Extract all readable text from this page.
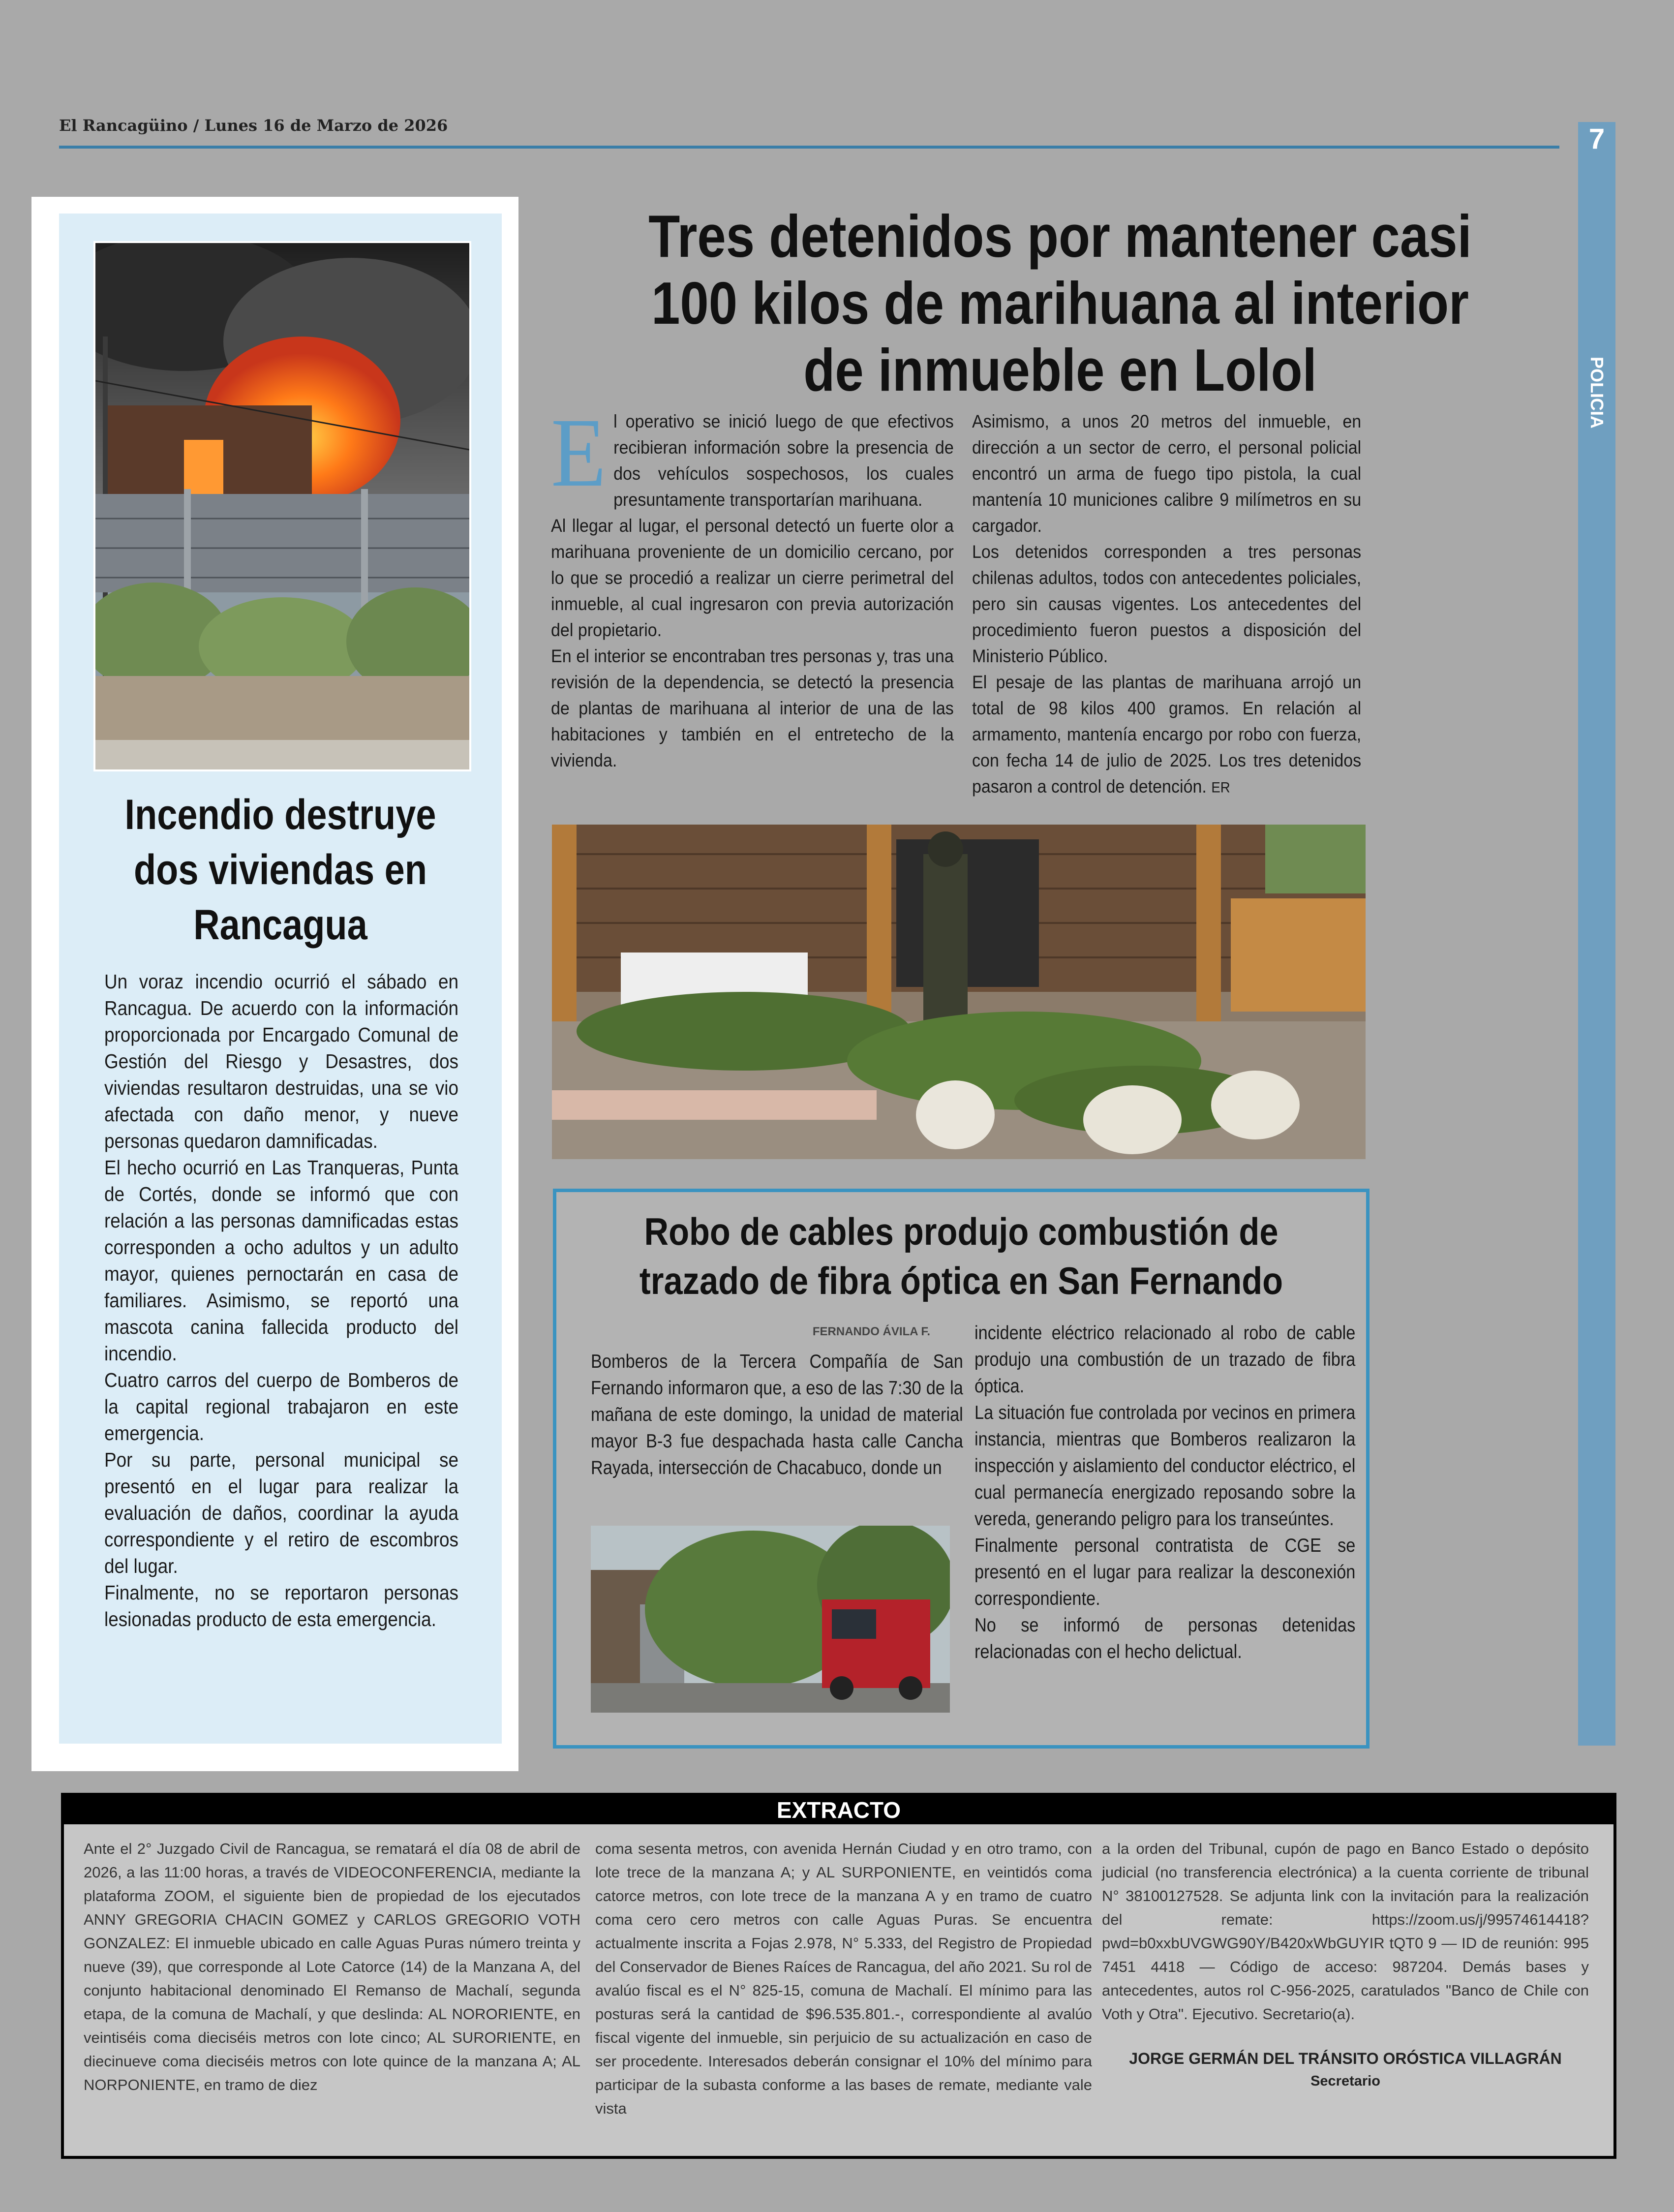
El Rancagüino / Lunes 16 de Marzo de 2026	7
POLICIA
Incendio destruye dos viviendas en Rancagua

Un voraz incendio ocurrió el sábado en Rancagua. De acuerdo con la información proporcionada por Encargado Comunal de Gestión del Riesgo y Desastres, dos viviendas resultaron destruidas, una se vio afectada con daño menor, y nueve personas quedaron damnificadas.

El hecho ocurrió en Las Tranqueras, Punta de Cortés, donde se informó que con relación a las personas damnificadas estas corresponden a ocho adultos y un adulto mayor, quienes pernoctarán en casa de familiares. Asimismo, se reportó una mascota canina fallecida producto del incendio.

Cuatro carros del cuerpo de Bomberos de la capital regional trabajaron en este emergencia.

Por su parte, personal municipal se presentó en el lugar para realizar la evaluación de daños, coordinar la ayuda correspondiente y el retiro de escombros del lugar.

Finalmente, no se reportaron personas lesionadas producto de esta emergencia.

Tres detenidos por mantener casi 100 kilos de marihuana al interior de inmueble en Lolol

El operativo se inició luego de que efectivos recibieran información sobre la presencia de dos vehículos sospechosos, los cuales presuntamente transportarían marihuana.

Al llegar al lugar, el personal detectó un fuerte olor a marihuana proveniente de un domicilio cercano, por lo que se procedió a realizar un cierre perimetral del inmueble, al cual ingresaron con previa autorización del propietario.

En el interior se encontraban tres personas y, tras una revisión de la dependencia, se detectó la presencia de plantas de marihuana al interior de una de las habitaciones y también en el entretecho de la vivienda.

Asimismo, a unos 20 metros del inmueble, en dirección a un sector de cerro, el personal policial encontró un arma de fuego tipo pistola, la cual mantenía 10 municiones calibre 9 milímetros en su cargador.

Los detenidos corresponden a tres personas chilenas adultos, todos con antecedentes policiales, pero sin causas vigentes. Los antecedentes del procedimiento fueron puestos a disposición del Ministerio Público.

El pesaje de las plantas de marihuana arrojó un total de 98 kilos 400 gramos. En relación al armamento, mantenía encargo por robo con fuerza, con fecha 14 de julio de 2025. Los tres detenidos pasaron a control de detención. ER

Robo de cables produjo combustión de trazado de fibra óptica en San Fernando
FERNANDO ÁVILA F.
Bomberos de la Tercera Compañía de San Fernando informaron que, a eso de las 7:30 de la mañana de este domingo, la unidad de material mayor B-3 fue despachada hasta calle Cancha Rayada, intersección de Chacabuco, donde un

incidente eléctrico relacionado al robo de cable produjo una combustión de un trazado de fibra óptica.

La situación fue controlada por vecinos en primera instancia, mientras que Bomberos realizaron la inspección y aislamiento del conductor eléctrico, el cual permanecía energizado reposando sobre la vereda, generando peligro para los transeúntes.

Finalmente personal contratista de CGE se presentó en el lugar para realizar la desconexión correspondiente.

No se informó de personas detenidas relacionadas con el hecho delictual.

EXTRACTO
Ante el 2° Juzgado Civil de Rancagua, se rematará el día 08 de abril de 2026, a las 11:00 horas, a través de VIDEOCONFERENCIA, mediante la plataforma ZOOM, el siguiente bien de propiedad de los ejecutados ANNY GREGORIA CHACIN GOMEZ y CARLOS GREGORIO VOTH GONZALEZ: El inmueble ubicado en calle Aguas Puras número treinta y nueve (39), que corresponde al Lote Catorce (14) de la Manzana A, del conjunto habitacional denominado El Remanso de Machalí, segunda etapa, de la comuna de Machalí, y que deslinda: AL NORORIENTE, en veintiséis coma dieciséis metros con lote cinco; AL SURORIENTE, en diecinueve coma dieciséis metros con lote quince de la manzana A; AL NORPONIENTE, en tramo de diez
coma sesenta metros, con avenida Hernán Ciudad y en otro tramo, con lote trece de la manzana A; y AL SURPONIENTE, en veintidós coma catorce metros, con lote trece de la manzana A y en tramo de cuatro coma cero cero metros con calle Aguas Puras. Se encuentra actualmente inscrita a Fojas 2.978, N° 5.333, del Registro de Propiedad del Conservador de Bienes Raíces de Rancagua, del año 2021. Su rol de avalúo fiscal es el N° 825-15, comuna de Machalí. El mínimo para las posturas será la cantidad de $96.535.801.-, correspondiente al avalúo fiscal vigente del inmueble, sin perjuicio de su actualización en caso de ser procedente. Interesados deberán consignar el 10% del mínimo para participar de la subasta conforme a las bases de remate, mediante vale vista
a la orden del Tribunal, cupón de pago en Banco Estado o depósito judicial (no transferencia electrónica) a la cuenta corriente de tribunal N° 38100127528. Se adjunta link con la invitación para la realización del remate: https://zoom.us/j/99574614418?pwd=b0xxbUVGWG90Y/B420xWbGUYIR tQT0 9 — ID de reunión: 995 7451 4418 — Código de acceso: 987204. Demás bases y antecedentes, autos rol C-956-2025, caratulados "Banco de Chile con Voth y Otra". Ejecutivo. Secretario(a).
JORGE GERMÁN DEL TRÁNSITO ORÓSTICA VILLAGRÁN
Secretario
